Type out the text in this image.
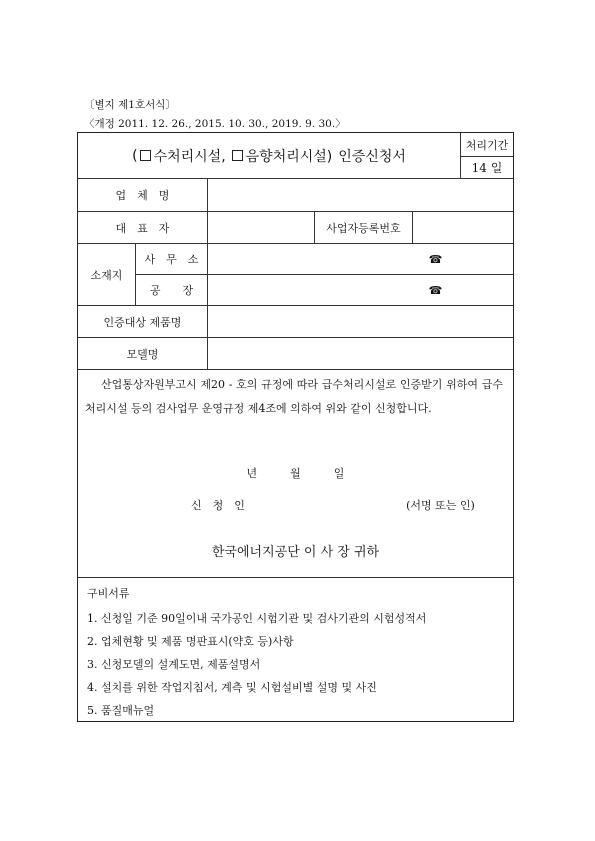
〔별지 제1호서식〕
〈개정 2011. 12. 26., 2015. 10. 30., 2019. 9. 30.〉
( 수처리시설, 음향처리시설) 인증신청서
처리기간
14 일
업　체　명
대　표　자	사업자등록번호
소재지
사　무　소	☎
공　　장	☎
인증대상 제품명
모델명
산업통상자원부고시 제20 - 호의 규정에 따라 급수처리시설로 인증받기 위하여 급수처리시설 등의 검사업무 운영규정 제4조에 의하여 위와 같이 신청합니다.
년　　　월　　　일
신　청　인	(서명 또는 인)
한국에너지공단 이 사 장 귀하
구비서류
1. 신청일 기준 90일이내 국가공인 시험기관 및 검사기관의 시험성적서
2. 업체현황 및 제품 명판표시(약호 등)사항
3. 신청모델의 설계도면, 제품설명서
4. 설치를 위한 작업지침서, 계측 및 시험설비별 설명 및 사진
5. 품질매뉴얼
